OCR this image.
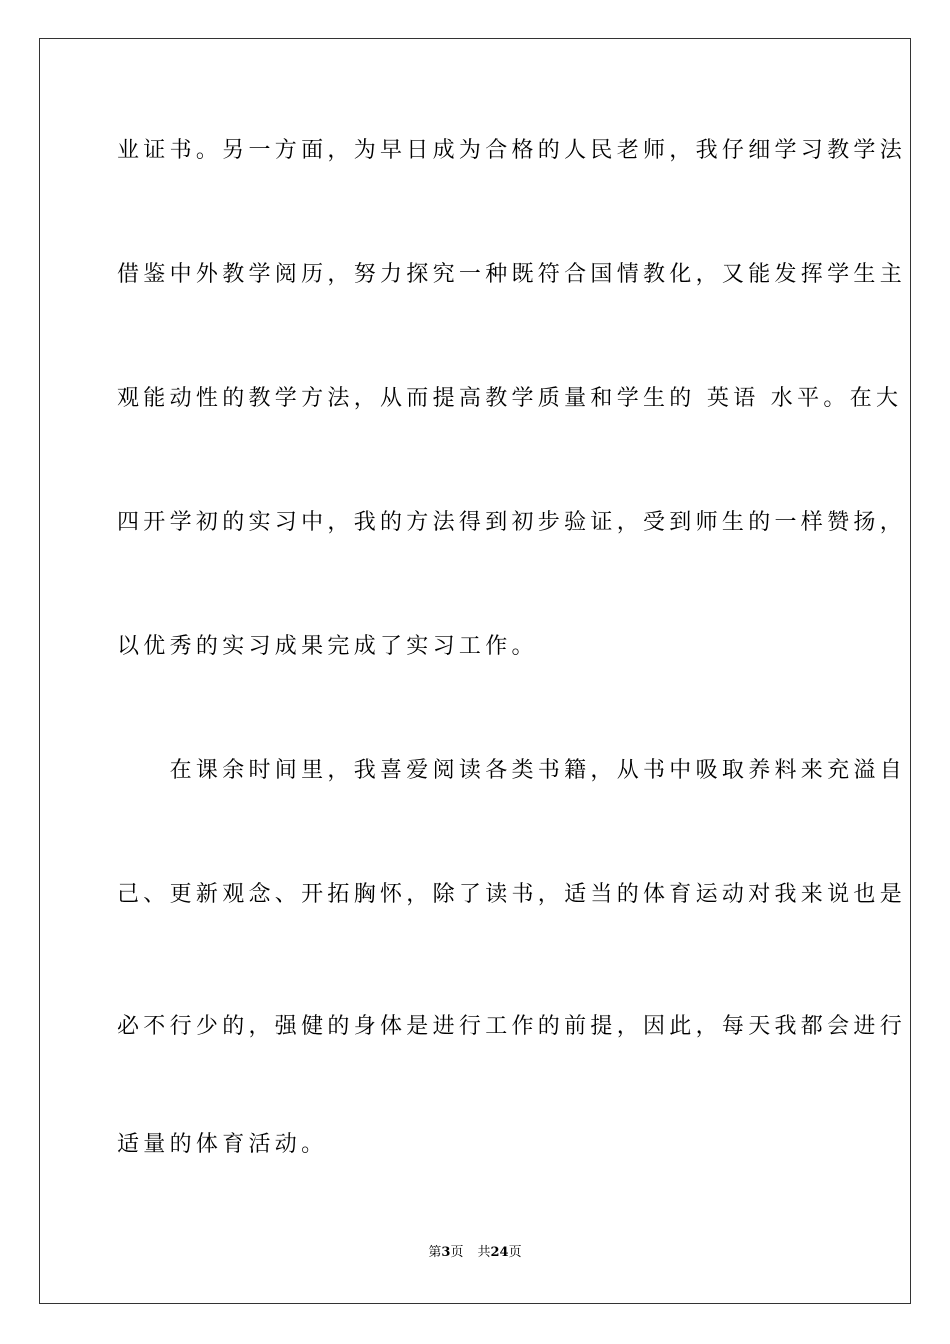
业证书。另一方面，为早日成为合格的人民老师，我仔细学习教学法
借鉴中外教学阅历，努力探究一种既符合国情教化，又能发挥学生主
观能动性的教学方法，从而提高教学质量和学生的 英语 水平。在大
四开学初的实习中，我的方法得到初步验证，受到师生的一样赞扬，
以优秀的实习成果完成了实习工作。
　　在课余时间里，我喜爱阅读各类书籍，从书中吸取养料来充溢自
己、更新观念、开拓胸怀，除了读书，适当的体育运动对我来说也是
必不行少的，强健的身体是进行工作的前提，因此，每天我都会进行
适量的体育活动。
第3页 共24页
